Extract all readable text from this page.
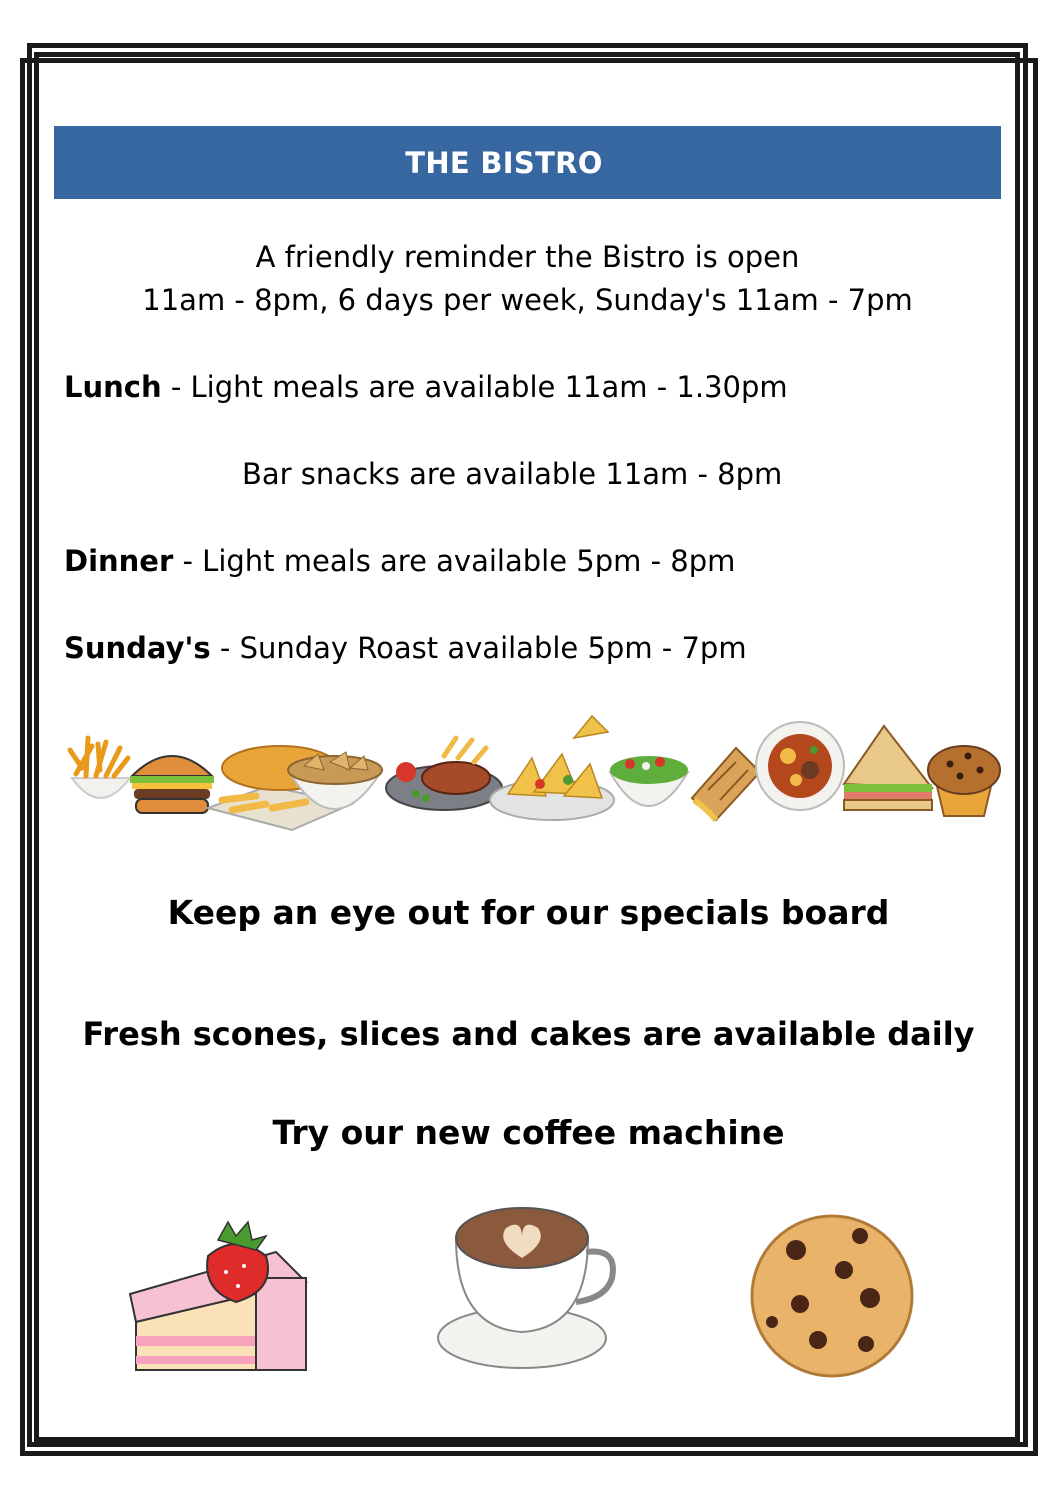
THE BISTRO
A friendly reminder the Bistro is open
11am - 8pm, 6 days per week, Sunday's 11am - 7pm
Lunch - Light meals are available 11am - 1.30pm
Bar snacks are available 11am - 8pm
Dinner - Light meals are available 5pm - 8pm
Sunday's - Sunday Roast available 5pm - 7pm
Keep an eye out for our specials board
Fresh scones, slices and cakes are available daily
Try our new coffee machine
